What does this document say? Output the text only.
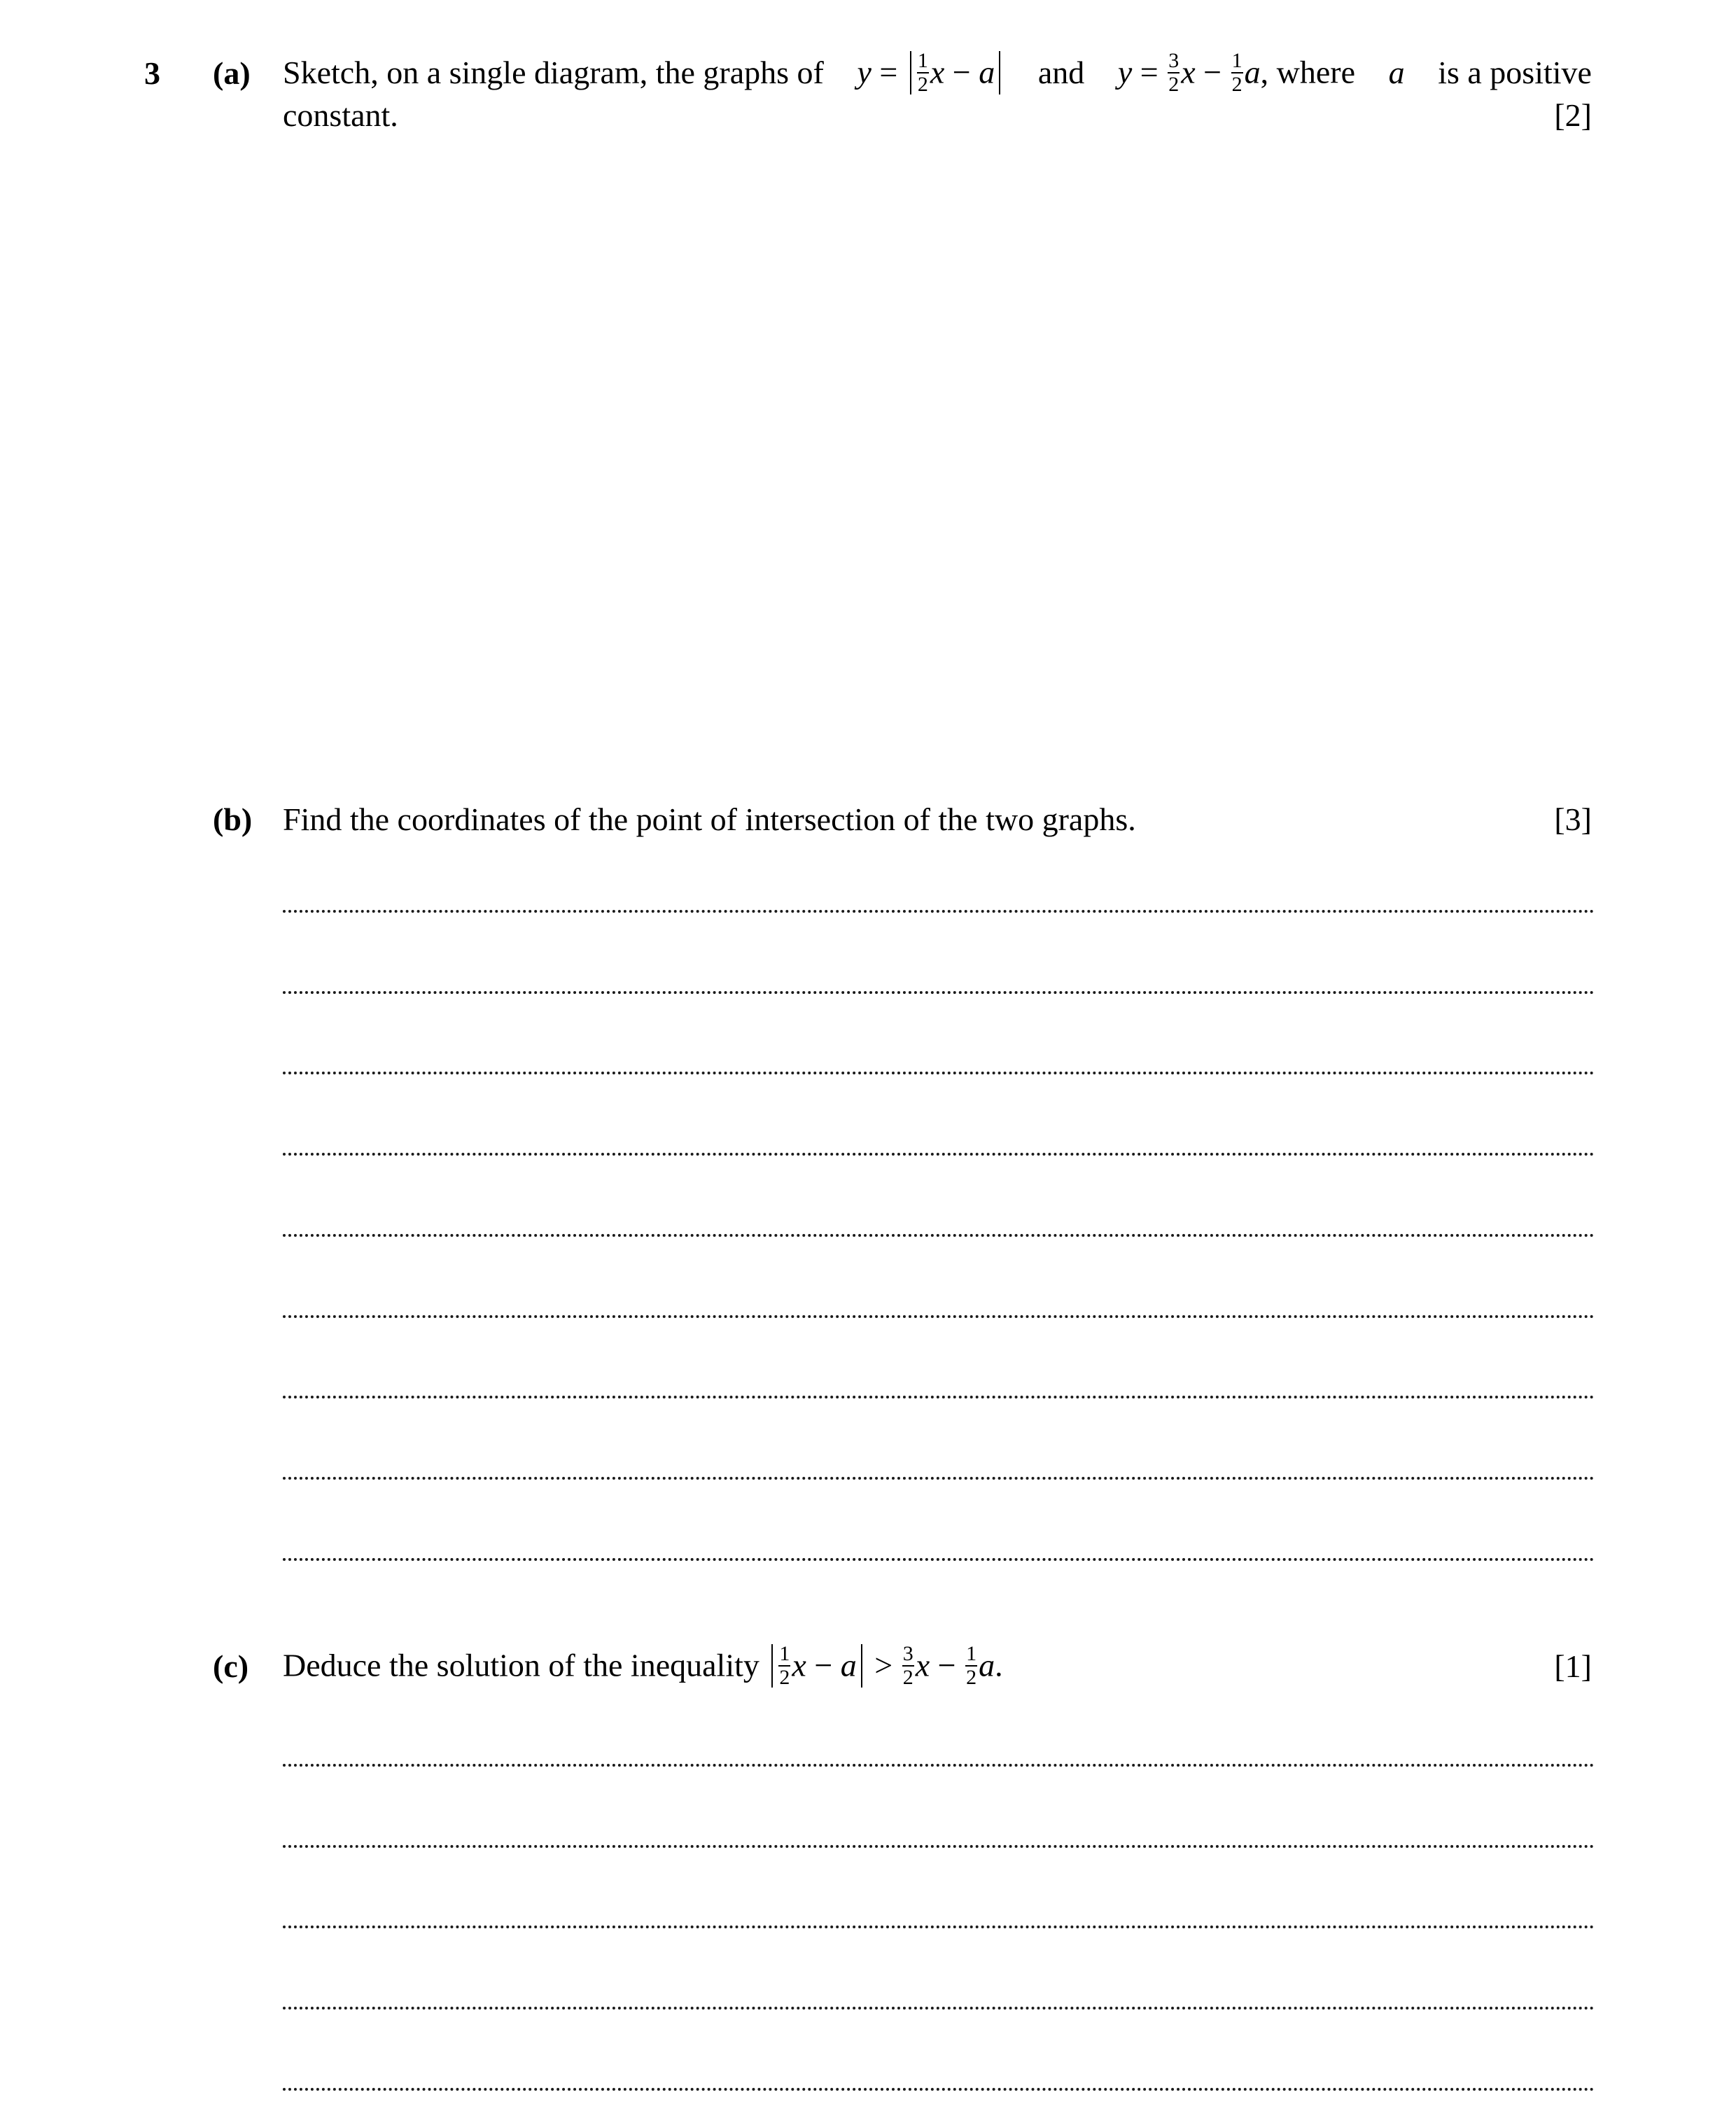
3 (a) Sketch, on a single diagram, the graphs of $y = \frac{1}{2}$ x − a	and $y = \frac{3}{2}$ $x - \frac{1}{2} a$, where a is a positive
constant.	[2]
(b) Find the coordinates of the point of intersection of the two graphs.	[3]
(c) Deduce the solution of the inequality $\frac{1}{2}$ $x - a > \frac{3}{2}$ $x - \frac{1}{2} a$.	[1]
